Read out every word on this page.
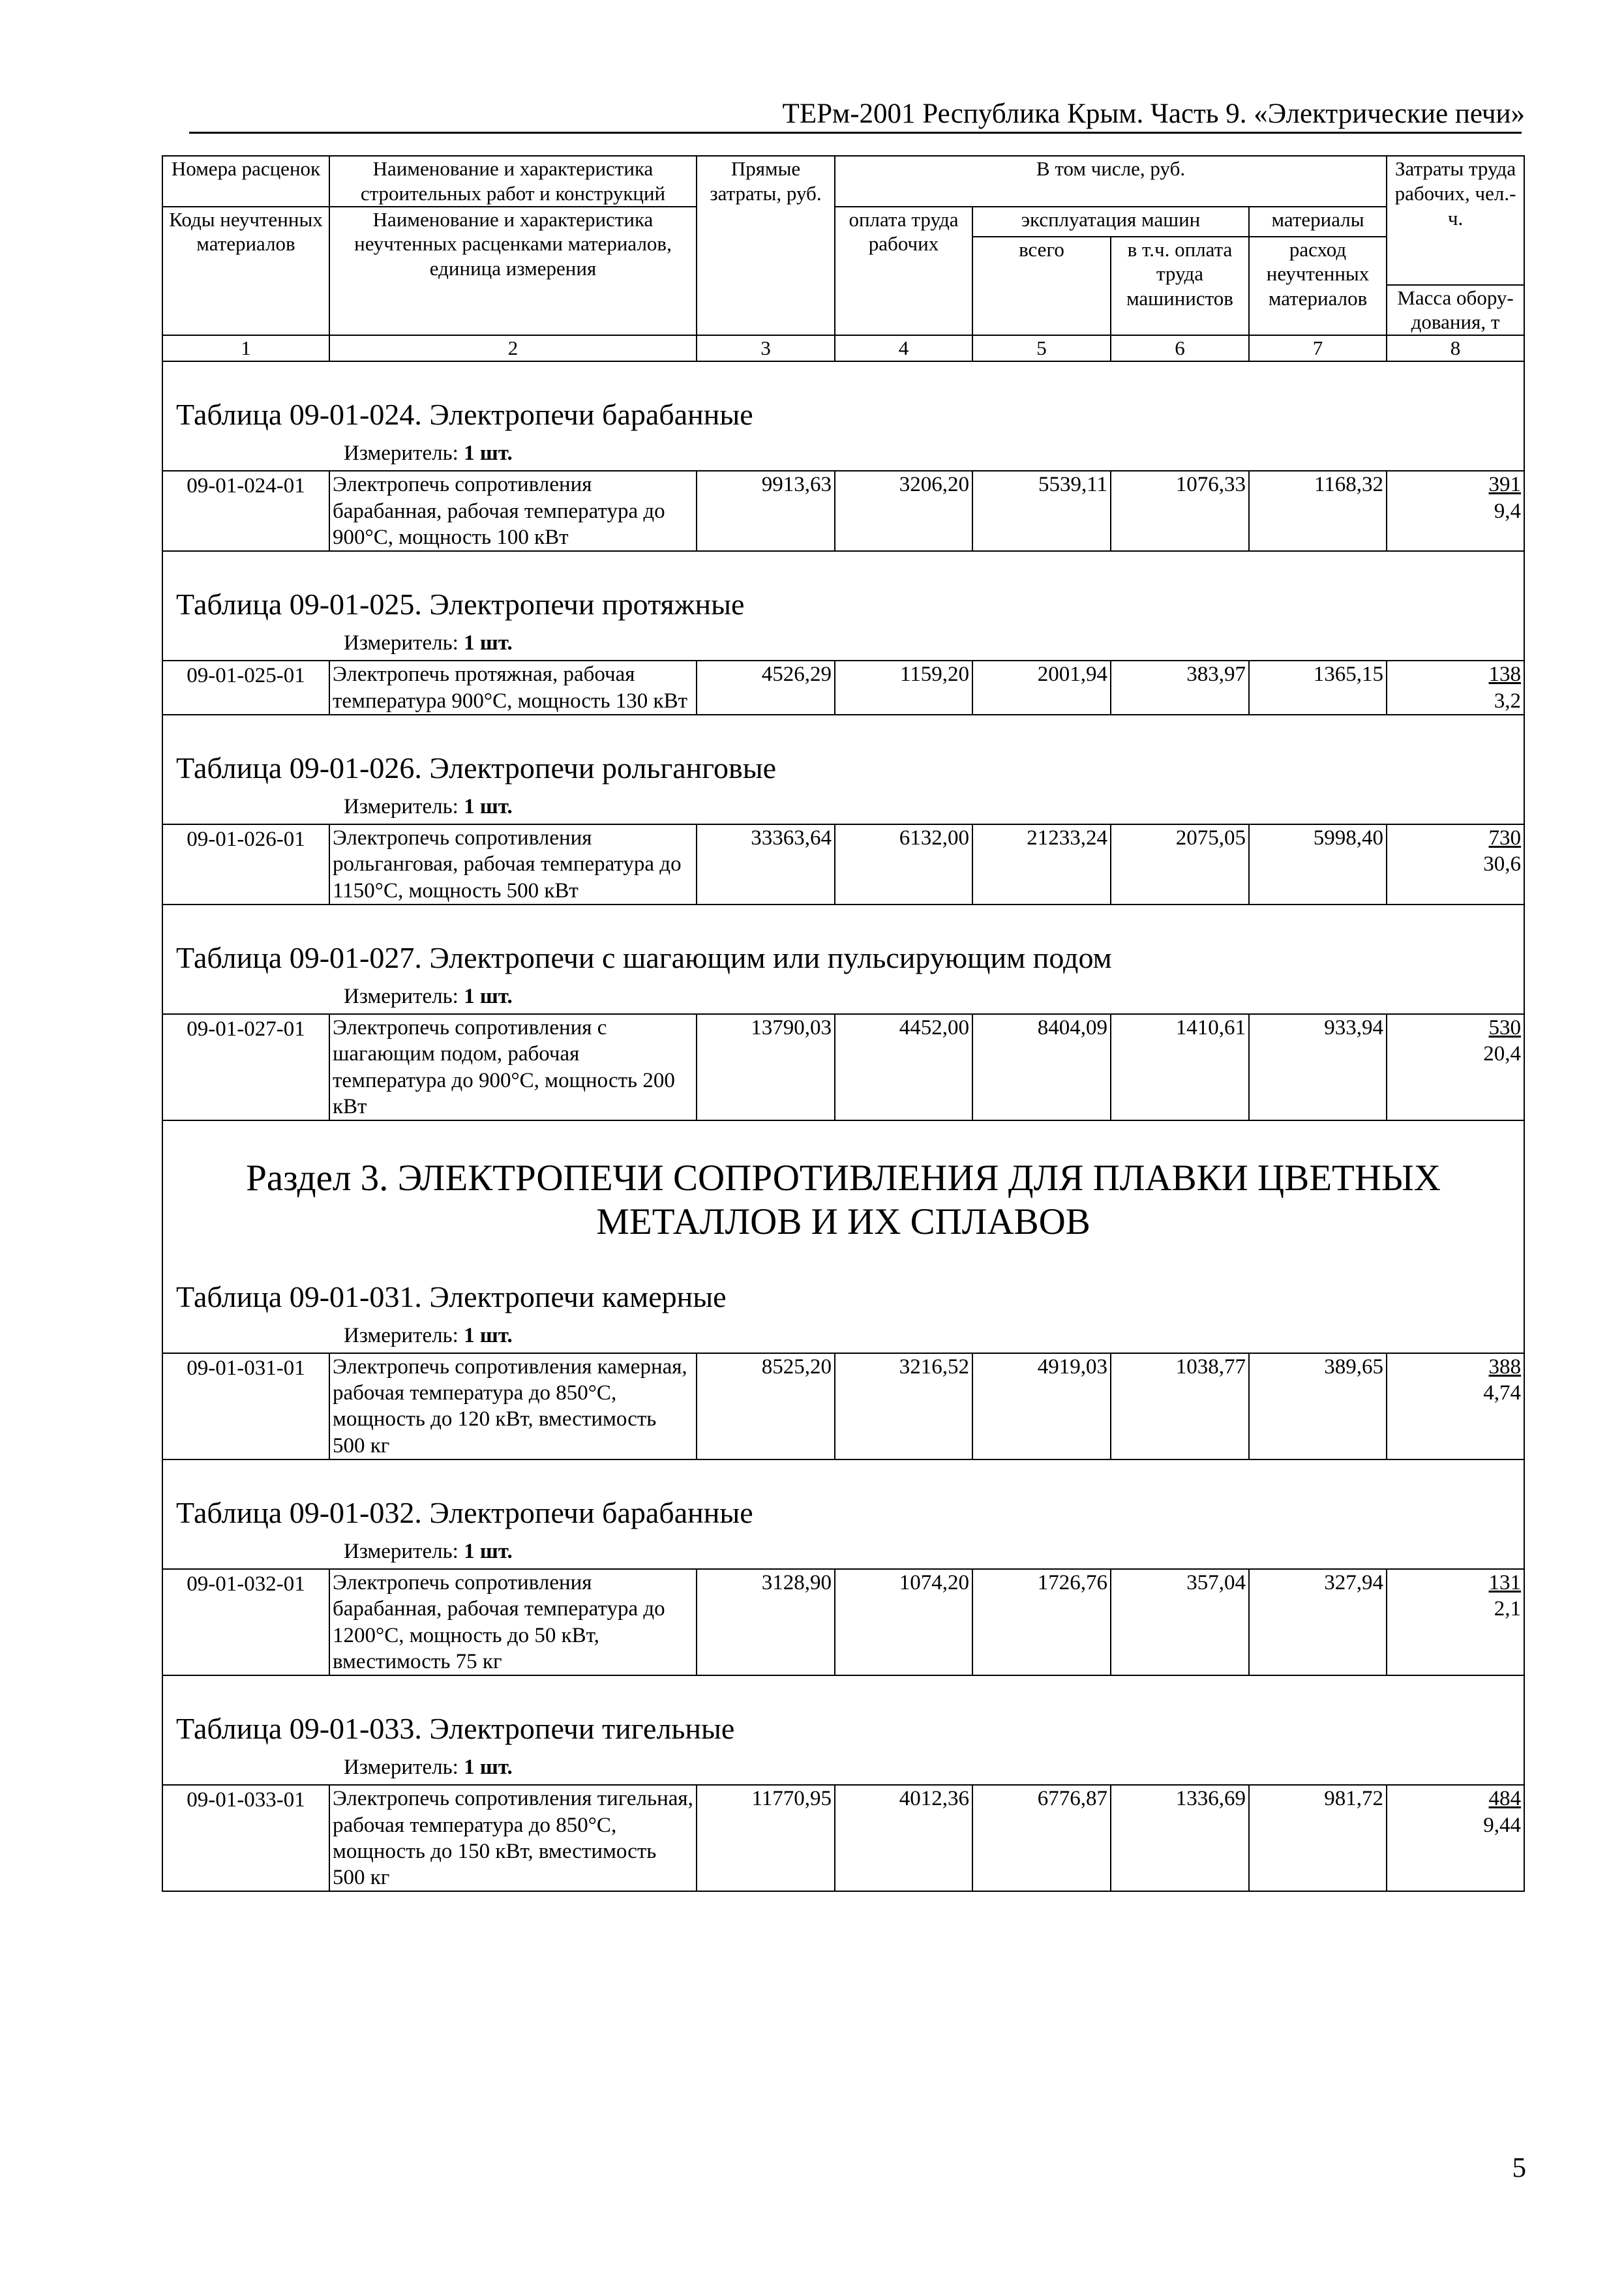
ТЕРм-2001 Республика Крым. Часть 9. «Электрические печи»
Номера расценок	Наименование и характеристика строительных работ и конструкций	Прямые затраты, руб.	В том числе, руб.				Затраты труда рабочих, чел.-ч.
Коды неучтенных материалов	Наименование и характеристика неучтенных расценками материалов, единица измерения		оплата труда рабочих	эксплуатация машин		материалы	
				всего	в т.ч. оплата труда машинистов	расход неучтенных материалов	
							Масса обору- дования, т
1	2	3	4	5	6	7	8
Таблица 09-01-024. Электропечи барабанные							
Измеритель: 1 шт.							
09-01-024-01	Электропечь сопротивления барабанная, рабочая температура до 900°С, мощность 100 кВт	9913,63	3206,20	5539,11	1076,33	1168,32	391
9,4

Таблица 09-01-025. Электропечи протяжные							
Измеритель: 1 шт.							
09-01-025-01	Электропечь протяжная, рабочая температура 900°С, мощность 130 кВт	4526,29	1159,20	2001,94	383,97	1365,15	138
3,2

Таблица 09-01-026. Электропечи рольганговые							
Измеритель: 1 шт.							
09-01-026-01	Электропечь сопротивления рольганговая, рабочая температура до 1150°С, мощность 500 кВт	33363,64	6132,00	21233,24	2075,05	5998,40	730
30,6

Таблица 09-01-027. Электропечи с шагающим или пульсирующим подом							
Измеритель: 1 шт.							
09-01-027-01	Электропечь сопротивления с шагающим подом, рабочая температура до 900°С, мощность 200 кВт	13790,03	4452,00	8404,09	1410,61	933,94	530
20,4

Раздел 3. ЭЛЕКТРОПЕЧИ СОПРОТИВЛЕНИЯ ДЛЯ ПЛАВКИ ЦВЕТНЫХ
МЕТАЛЛОВ И ИХ СПЛАВОВ							

Таблица 09-01-031. Электропечи камерные							
Измеритель: 1 шт.							
09-01-031-01	Электропечь сопротивления камерная, рабочая температура до 850°С, мощность до 120 кВт, вместимость 500 кг	8525,20	3216,52	4919,03	1038,77	389,65	388
4,74

Таблица 09-01-032. Электропечи барабанные							
Измеритель: 1 шт.							
09-01-032-01	Электропечь сопротивления барабанная, рабочая температура до 1200°С, мощность до 50 кВт, вместимость 75 кг	3128,90	1074,20	1726,76	357,04	327,94	131
2,1

Таблица 09-01-033. Электропечи тигельные							
Измеритель: 1 шт.							
09-01-033-01	Электропечь сопротивления тигельная, рабочая температура до 850°С, мощность до 150 кВт, вместимость 500 кг	11770,95	4012,36	6776,87	1336,69	981,72	484
9,44
5
